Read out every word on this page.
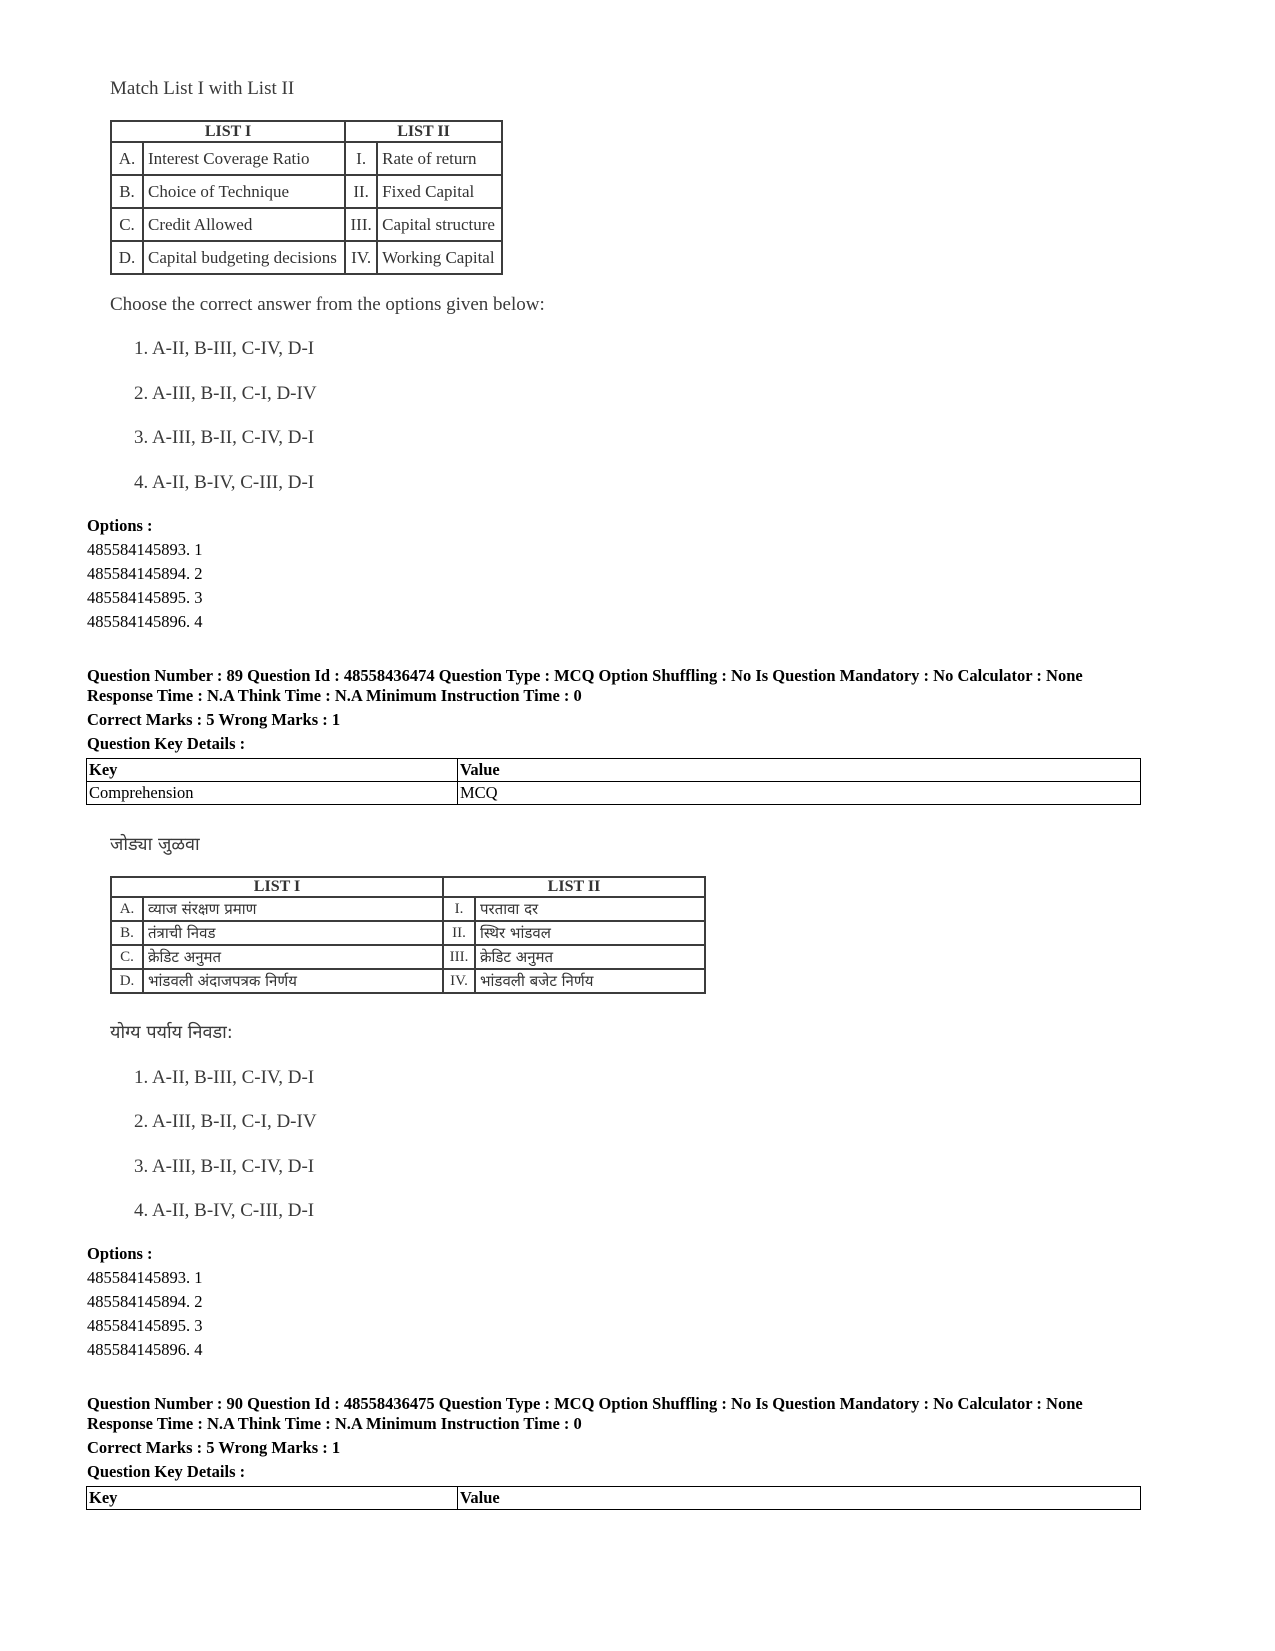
Match List I with List II
LIST I		LIST II	
A.	Interest Coverage Ratio	I.	Rate of return
B.	Choice of Technique	II.	Fixed Capital
C.	Credit Allowed	III.	Capital structure
D.	Capital budgeting decisions	IV.	Working Capital
Choose the correct answer from the options given below:
1. A-II, B-III, C-IV, D-I
2. A-III, B-II, C-I, D-IV
3. A-III, B-II, C-IV, D-I
4. A-II, B-IV, C-III, D-I
Options :
485584145893. 1
485584145894. 2
485584145895. 3
485584145896. 4
Question Number : 89 Question Id : 48558436474 Question Type : MCQ Option Shuffling : No Is Question Mandatory : No Calculator : None
Response Time : N.A Think Time : N.A Minimum Instruction Time : 0
Correct Marks : 5 Wrong Marks : 1
Question Key Details :
Key	Value
Comprehension	MCQ
जोड्या जुळवा
LIST I		LIST II	
A.	व्याज संरक्षण प्रमाण	I.	परतावा दर
B.	तंत्राची निवड	II.	स्थिर भांडवल
C.	क्रेडिट अनुमत	III.	क्रेडिट अनुमत
D.	भांडवली अंदाजपत्रक निर्णय	IV.	भांडवली बजेट निर्णय
योग्य पर्याय निवडा:
1. A-II, B-III, C-IV, D-I
2. A-III, B-II, C-I, D-IV
3. A-III, B-II, C-IV, D-I
4. A-II, B-IV, C-III, D-I
Options :
485584145893. 1
485584145894. 2
485584145895. 3
485584145896. 4
Question Number : 90 Question Id : 48558436475 Question Type : MCQ Option Shuffling : No Is Question Mandatory : No Calculator : None
Response Time : N.A Think Time : N.A Minimum Instruction Time : 0
Correct Marks : 5 Wrong Marks : 1
Question Key Details :
Key	Value
